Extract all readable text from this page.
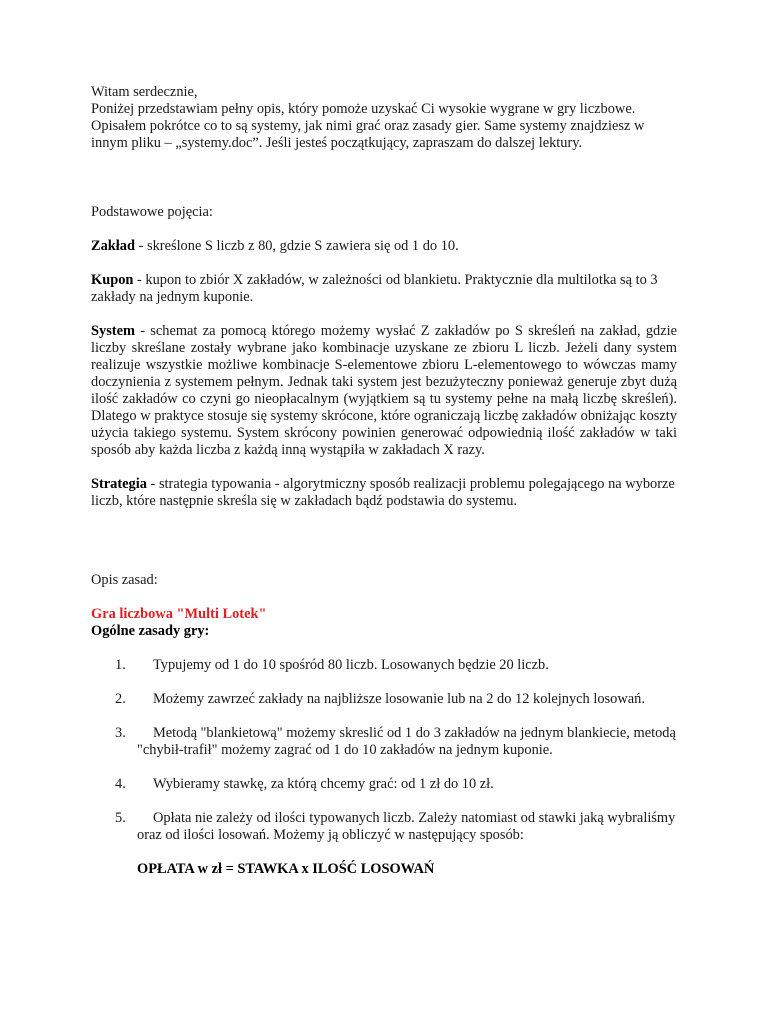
Witam serdecznie,

Poniżej przedstawiam pełny opis, który pomoże uzyskać Ci wysokie wygrane w gry liczbowe. Opisałem pokrótce co to są systemy, jak nimi grać oraz zasady gier. Same systemy znajdziesz w innym pliku – „systemy.doc”. Jeśli jesteś początkujący, zapraszam do dalszej lektury.

Podstawowe pojęcia:

Zakład - skreślone S liczb z 80, gdzie S zawiera się od 1 do 10.

Kupon - kupon to zbiór X zakładów, w zależności od blankietu. Praktycznie dla multilotka są to 3 zakłady na jednym kuponie.

System - schemat za pomocą którego możemy wysłać Z zakładów po S skreśleń na zakład, gdzie liczby skreślane zostały wybrane jako kombinacje uzyskane ze zbioru L liczb. Jeżeli dany system realizuje wszystkie możliwe kombinacje S-elementowe zbioru L-elementowego to wówczas mamy doczynienia z systemem pełnym. Jednak taki system jest bezużyteczny ponieważ generuje zbyt dużą ilość zakładów co czyni go nieopłacalnym (wyjątkiem są tu systemy pełne na małą liczbę skreśleń). Dlatego w praktyce stosuje się systemy skrócone, które ograniczają liczbę zakładów obniżając koszty użycia takiego systemu. System skrócony powinien generować odpowiednią ilość zakładów w taki sposób aby każda liczba z każdą inną wystąpiła w zakładach X razy.

Strategia - strategia typowania - algorytmiczny sposób realizacji problemu polegającego na wyborze liczb, które następnie skreśla się w zakładach bądź podstawia do systemu.

Opis zasad:

Gra liczbowa "Multi Lotek"

Ogólne zasady gry:

1.	Typujemy od 1 do 10 spośród 80 liczb. Losowanych będzie 20 liczb.
2.	Możemy zawrzeć zakłady na najbliższe losowanie lub na 2 do 12 kolejnych losowań.
3.	Metodą "blankietową" możemy skreslić od 1 do 3 zakładów na jednym blankiecie, metodą "chybił-trafił" możemy zagrać od 1 do 10 zakładów na jednym kuponie.
4.	Wybieramy stawkę, za którą chcemy grać: od 1 zł do 10 zł.
5.	Opłata nie zależy od ilości typowanych liczb. Zależy natomiast od stawki jaką wybraliśmy oraz od ilości losowań. Możemy ją obliczyć w następujący sposób:

OPŁATA w zł = STAWKA x ILOŚĆ LOSOWAŃ
